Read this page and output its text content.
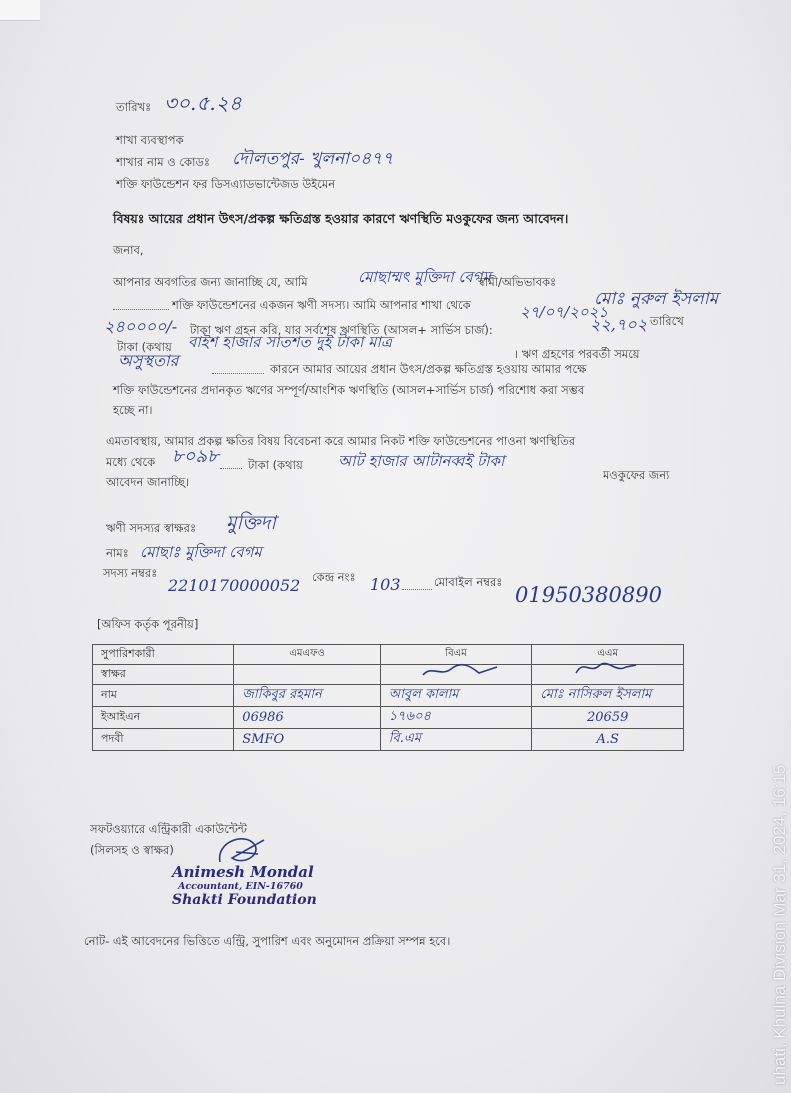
তারিখঃ ৩০.৫.২৪
শাখা ব্যবস্থাপক
শাখার নাম ও কোডঃ দৌলতপুর- খুলনা০৪৭৭
শক্তি ফাউন্ডেশন ফর ডিসএ্যাডভান্টেজড উইমেন
বিষয়ঃ আয়ের প্রধান উৎস/প্রকল্প ক্ষতিগ্রস্ত হওয়ার কারণে ঋণস্থিতি মওকুফের জন্য আবেদন।
জনাব,
আপনার অবগতির জন্য জানাচ্ছি যে, আমি	মোছাম্মৎ মুক্তিদা বেগম
স্বামী/অভিভাবকঃ
মোঃ নুরুল ইসলাম
শক্তি ফাউন্ডেশনের একজন ঋণী সদস্য। আমি আপনার শাখা থেকে	২৭/০৭/২০২১	তারিখে
২৪০০০০/- টাকা ঋণ গ্রহন করি, যার সর্বশেষ ঋণস্থিতি (আসল+ সার্ভিস চার্জ):	২২,৭০২
টাকা (কথায় বাইশ হাজার সাতশত দুই টাকা মাত্র
। ঋণ গ্রহণের পরবর্তী সময়ে
অসুস্থতার	কারনে আমার আয়ের প্রধান উৎস/প্রকল্প ক্ষতিগ্রস্ত হওয়ায় আমার পক্ষে
শক্তি ফাউন্ডেশনের প্রদানকৃত ঋণের সম্পূর্ণ/আংশিক ঋণস্থিতি (আসল+সার্ভিস চার্জ) পরিশোধ করা সম্ভব
হচ্ছে না।
এমতাবস্থায়, আমার প্রকল্প ক্ষতির বিষয় বিবেচনা করে আমার নিকট শক্তি ফাউন্ডেশনের পাওনা ঋণস্থিতির
মধ্যে থেকে ৮০৯৮	টাকা (কথায় আট হাজার আটানব্বই টাকা
মওকুফের জন্য
আবেদন জানাচ্ছি।
ঋণী সদস্যর স্বাক্ষরঃ মুক্তিদা
নামঃ মোছাঃ মুক্তিদা বেগম
সদস্য নম্বরঃ
2210170000052 কেন্দ্র নংঃ 103	মোবাইল নম্বরঃ
01950380890
[অফিস কর্তৃক পূরনীয়]
সুপারিশকারী	এমএফও	বিএম	এএম
স্বাক্ষর		

নাম	জাকিবুর রহমান	আবুল কালাম	মোঃ নাসিরুল ইসলাম
ইআইএন	06986	১৭৬০৪	20659
পদবী	SMFO	বি.এম	A.S
সফটওয়্যারে এন্ট্রিকারী একাউন্টেন্ট
(সিলসহ ও স্বাক্ষর)
Animesh Mondal
Accountant, EIN-16760
Shakti Foundation
নোট- এই আবেদনের ভিত্তিতে এন্ট্রি, সুপারিশ এবং অনুমোদন প্রক্রিয়া সম্পন্ন হবে।	uhati, Khulna Division Mar 31, 2024, 16:15
